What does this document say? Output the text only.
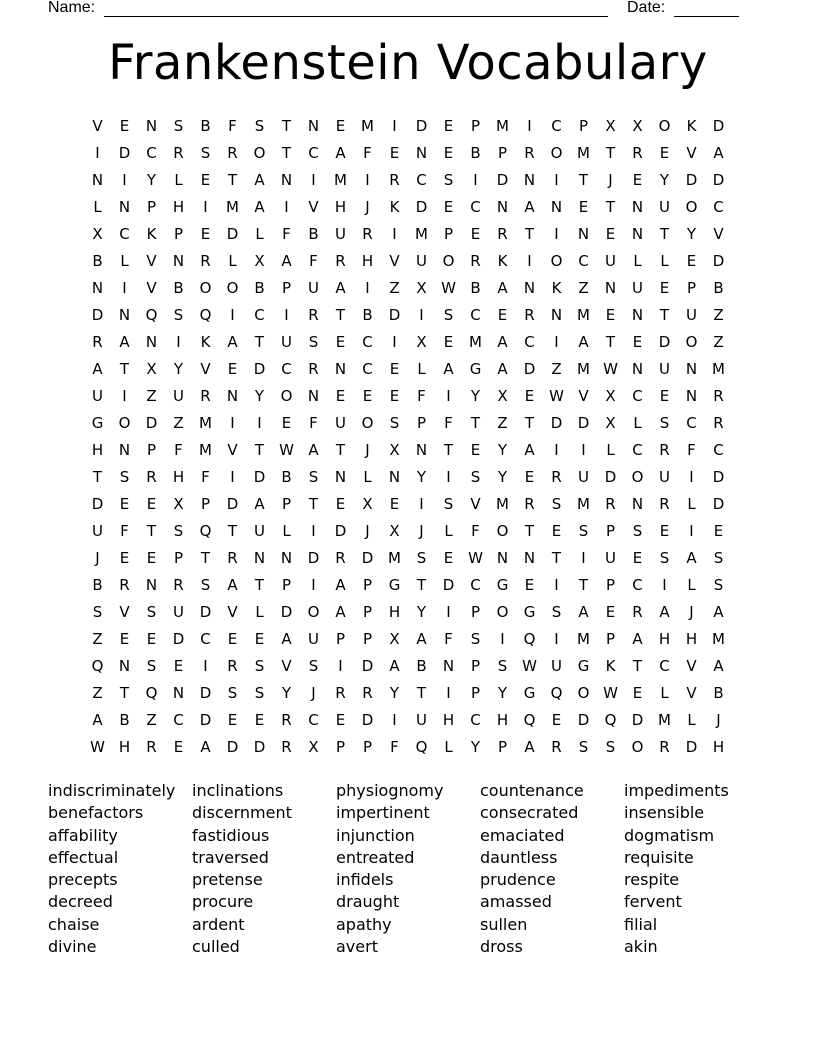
Name:	Date:
Frankenstein Vocabulary
V	E	N	S	B	F	S	T	N	E	M	I	D	E	P	M	I	C	P	X	X	O	K	D
I	D	C	R	S	R	O	T	C	A	F	E	N	E	B	P	R	O M	T	R	E	V	A
N	I	Y	L	E	T	A	N	I	M	I	R	C	S	I	D	N	I	T	J	E	Y	D	D
L	N	P	H	I	M	A	I	V	H	J	K	D	E	C	N	A	N	E	T	N	U	O	C
X	C	K	P	E	D	L	F	B	U	R	I	M	P	E	R	T	I	N	E	N	T	Y	V
B	L	V	N	R	L	X	A	F	R	H	V	U	O	R	K	I	O	C	U	L	L	E	D
N	I	V	B	O	O	B	P	U	A	I	Z	X W B	A	N	K	Z	N	U	E	P	B
D	N	Q	S	Q	I	C	I	R	T	B	D	I	S	C	E	R	N M	E	N	T	U	Z
R	A	N	I	K	A	T	U	S	E	C	I	X	E	M	A	C	I	A	T	E	D	O	Z
A	T	X	Y	V	E	D	C	R	N	C	E	L	A	G	A	D	Z	M W N	U	N M
U	I	Z	U	R	N	Y	O	N	E	E	E	F	I	Y	X	E W V	X	C	E	N	R
G	O	D	Z	M	I	I	E	F	U	O	S	P	F	T	Z	T	D	D	X	L	S	C	R
H	N	P	F	M	V	T	W A	T	J	X	N	T	E	Y	A	I	I	L	C	R	F	C
T	S	R	H	F	I	D	B	S	N	L	N	Y	I	S	Y	E	R	U	D	O	U	I	D
D	E	E	X	P	D	A	P	T	E	X	E	I	S	V	M	R	S	M	R	N	R	L	D
U	F	T	S	Q	T	U	L	I	D	J	X	J	L	F	O	T	E	S	P	S	E	I	E
J	E	E	P	T	R	N	N	D	R	D M	S	E W N	N	T	I	U	E	S	A	S
B	R	N	R	S	A	T	P	I	A	P	G	T	D	C	G	E	I	T	P	C	I	L	S
S	V	S	U	D	V	L	D	O	A	P	H	Y	I	P	O	G	S	A	E	R	A	J	A
Z	E	E	D	C	E	E	A	U	P	P	X	A	F	S	I	Q	I	M	P	A	H	H M
Q	N	S	E	I	R	S	V	S	I	D	A	B	N	P	S W U	G	K	T	C	V	A
Z	T	Q	N	D	S	S	Y	J	R	R	Y	T	I	P	Y	G	Q	O W E	L	V	B
A	B	Z	C	D	E	E	R	C	E	D	I	U	H	C	H	Q	E	D	Q	D M	L	J
W H	R	E	A	D	D	R	X	P	P	F	Q	L	Y	P	A	R	S	S	O	R	D	H
indiscriminately
benefactors
affability
effectual
precepts
decreed
chaise
divine
inclinations
discernment
fastidious
traversed
pretense
procure
ardent
culled
physiognomy
impertinent
injunction
entreated
infidels
draught
apathy
avert
countenance
consecrated
emaciated
dauntless
prudence
amassed
sullen
dross
impediments
insensible
dogmatism
requisite
respite
fervent
filial
akin
